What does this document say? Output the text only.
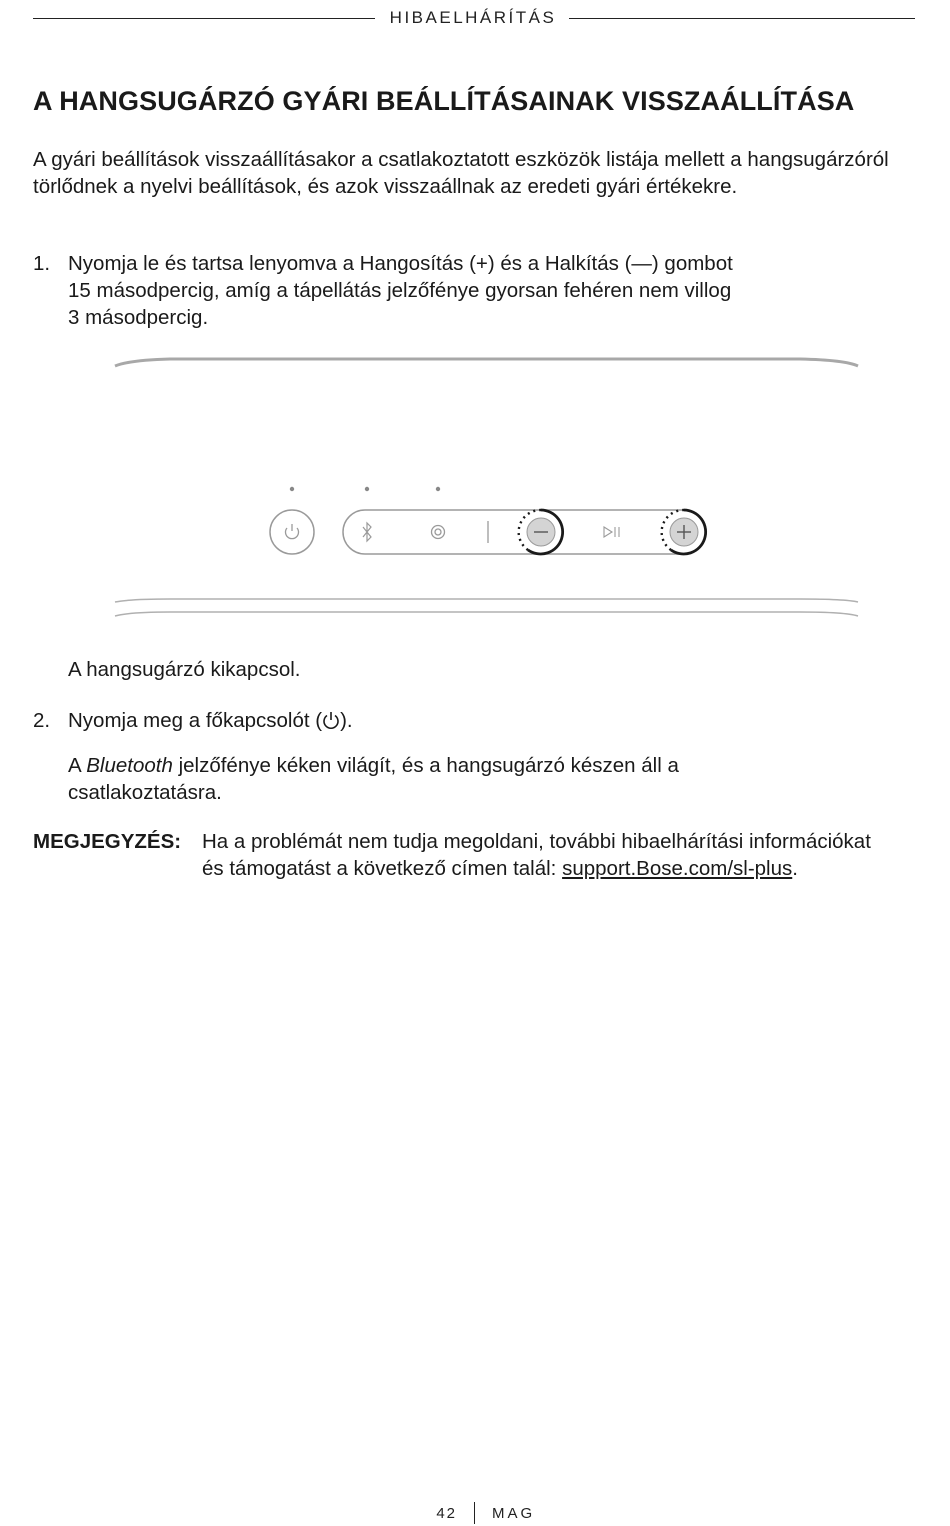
HIBAELHÁRÍTÁS
A HANGSUGÁRZÓ GYÁRI BEÁLLÍTÁSAINAK VISSZAÁLLÍTÁSA

A gyári beállítások visszaállításakor a csatlakoztatott eszközök listája mellett a hangsugárzóról törlődnek a nyelvi beállítások, és azok visszaállnak az eredeti gyári értékekre.

1. Nyomja le és tartsa lenyomva a Hangosítás (+) és a Halkítás (—) gombot
15 másodpercig, amíg a tápellátás jelzőfénye gyorsan fehéren nem villog
3 másodpercig.

A hangsugárzó kikapcsol.

2. Nyomja meg a főkapcsolót ( ).

A Bluetooth jelzőfénye kéken világít, és a hangsugárzó készen áll a csatlakoztatásra.

MEGJEGYZÉS: Ha a problémát nem tudja megoldani, további hibaelhárítási információkat és támogatást a következő címen talál: support.Bose.com/sl-plus.

42 MAG
